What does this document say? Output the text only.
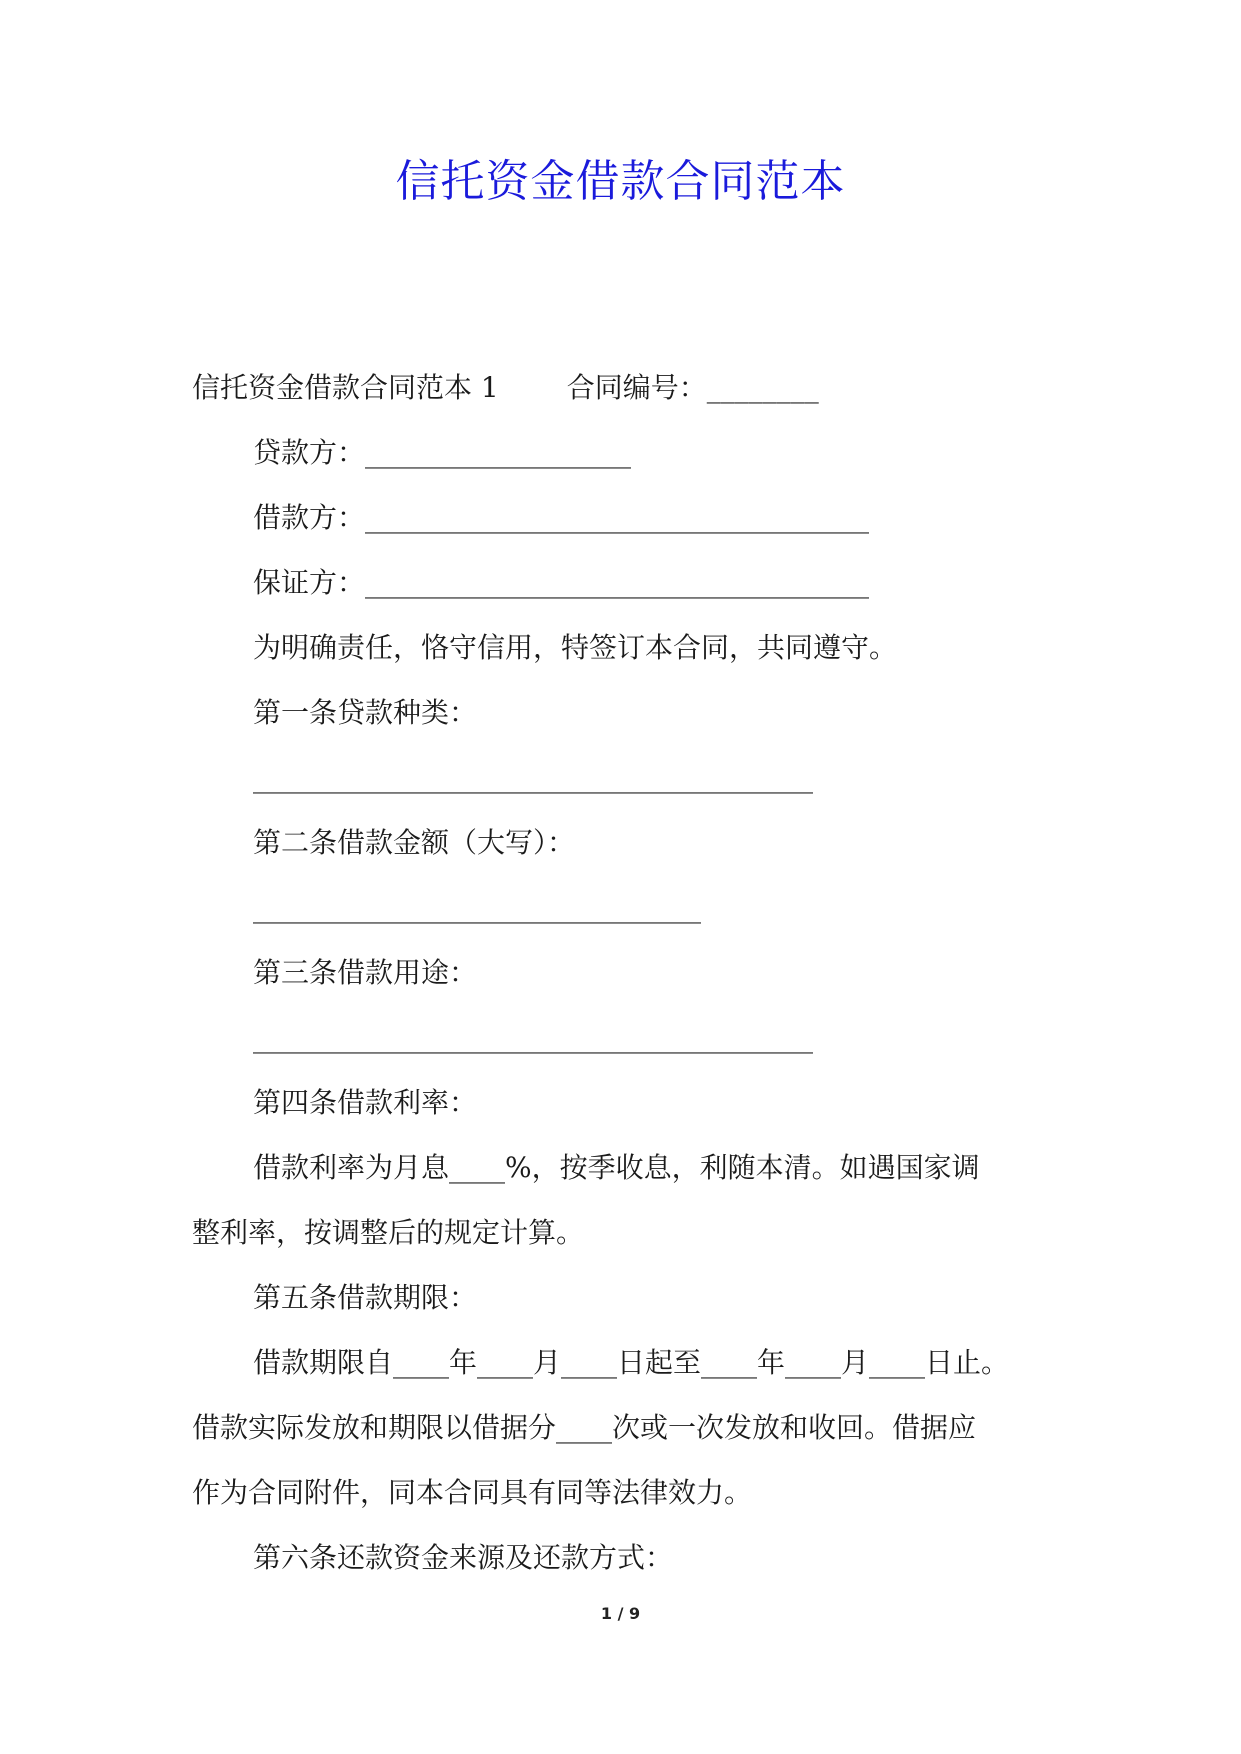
信托资金借款合同范本
信托资金借款合同范本 1 合同编号：________
贷款方：___________________
借款方：____________________________________
保证方：____________________________________
为明确责任，恪守信用，特签订本合同，共同遵守。
第一条贷款种类：
________________________________________
第二条借款金额（大写）：
________________________________
第三条借款用途：
________________________________________
第四条借款利率：
借款利率为月息____%，按季收息，利随本清。如遇国家调
整利率，按调整后的规定计算。
第五条借款期限：
借款期限自____年____月____日起至____年____月____日止。
借款实际发放和期限以借据分____次或一次发放和收回。借据应
作为合同附件，同本合同具有同等法律效力。
第六条还款资金来源及还款方式：
1 / 9
